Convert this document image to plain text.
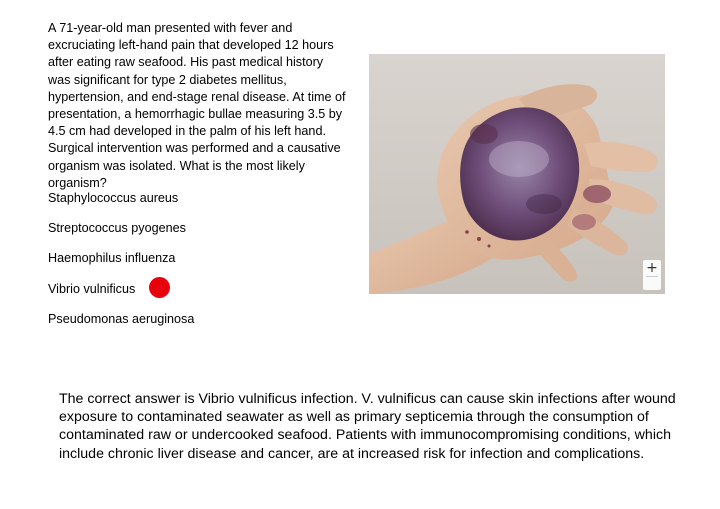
A 71-year-old man presented with fever and excruciating left-hand pain that developed 12 hours after eating raw seafood. His past medical history was significant for type 2 diabetes mellitus, hypertension, and end-stage renal disease. At time of presentation, a hemorrhagic bullae measuring 3.5 by 4.5 cm had developed in the palm of his left hand. Surgical intervention was performed and a causative organism was isolated. What is the most likely organism?

Staphylococcus aureus
Streptococcus pyogenes
Haemophilus influenza
Vibrio vulnificus
Pseudomonas aeruginosa
+

The correct answer is Vibrio vulnificus infection. V. vulnificus can cause skin infections after wound exposure to contaminated seawater as well as primary septicemia through the consumption of contaminated raw or undercooked seafood. Patients with immunocompromising conditions, which include chronic liver disease and cancer, are at increased risk for infection and complications.
